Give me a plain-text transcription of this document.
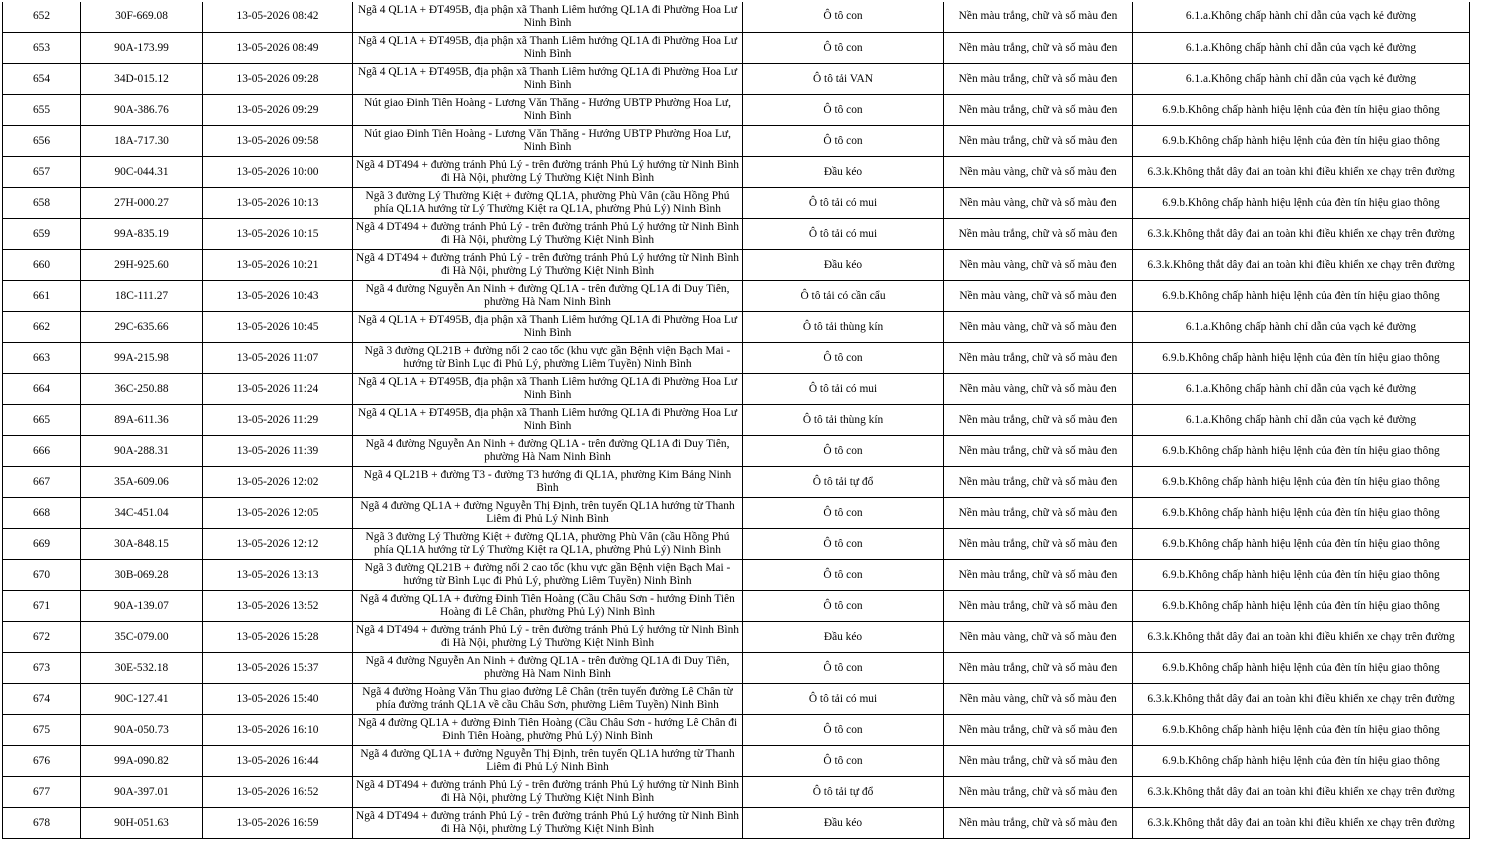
652	30F-669.08	13-05-2026 08:42	Ngã 4 QL1A + ĐT495B, địa phận xã Thanh Liêm hướng QL1A đi Phường Hoa Lư Ninh Bình	Ô tô con	Nền màu trắng, chữ và số màu đen	6.1.a.Không chấp hành chỉ dẫn của vạch kẻ đường
653	90A-173.99	13-05-2026 08:49	Ngã 4 QL1A + ĐT495B, địa phận xã Thanh Liêm hướng QL1A đi Phường Hoa Lư Ninh Bình	Ô tô con	Nền màu trắng, chữ và số màu đen	6.1.a.Không chấp hành chỉ dẫn của vạch kẻ đường
654	34D-015.12	13-05-2026 09:28	Ngã 4 QL1A + ĐT495B, địa phận xã Thanh Liêm hướng QL1A đi Phường Hoa Lư Ninh Bình	Ô tô tải VAN	Nền màu trắng, chữ và số màu đen	6.1.a.Không chấp hành chỉ dẫn của vạch kẻ đường
655	90A-386.76	13-05-2026 09:29	Nút giao Đinh Tiên Hoàng - Lương Văn Thăng - Hướng UBTP Phường Hoa Lư, Ninh Bình	Ô tô con	Nền màu trắng, chữ và số màu đen	6.9.b.Không chấp hành hiệu lệnh của đèn tín hiệu giao thông
656	18A-717.30	13-05-2026 09:58	Nút giao Đinh Tiên Hoàng - Lương Văn Thăng - Hướng UBTP Phường Hoa Lư, Ninh Bình	Ô tô con	Nền màu trắng, chữ và số màu đen	6.9.b.Không chấp hành hiệu lệnh của đèn tín hiệu giao thông
657	90C-044.31	13-05-2026 10:00	Ngã 4 DT494 + đường tránh Phủ Lý - trên đường tránh Phủ Lý hướng từ Ninh Bình đi Hà Nội, phường Lý Thường Kiệt Ninh Bình	Đầu kéo	Nền màu vàng, chữ và số màu đen	6.3.k.Không thắt dây đai an toàn khi điều khiển xe chạy trên đường
658	27H-000.27	13-05-2026 10:13	Ngã 3 đường Lý Thường Kiệt + đường QL1A, phường Phù Vân (cầu Hồng Phú phía QL1A hướng từ Lý Thường Kiệt ra QL1A, phường Phủ Lý) Ninh Bình	Ô tô tải có mui	Nền màu vàng, chữ và số màu đen	6.9.b.Không chấp hành hiệu lệnh của đèn tín hiệu giao thông
659	99A-835.19	13-05-2026 10:15	Ngã 4 DT494 + đường tránh Phủ Lý - trên đường tránh Phủ Lý hướng từ Ninh Bình đi Hà Nội, phường Lý Thường Kiệt Ninh Bình	Ô tô tải có mui	Nền màu trắng, chữ và số màu đen	6.3.k.Không thắt dây đai an toàn khi điều khiển xe chạy trên đường
660	29H-925.60	13-05-2026 10:21	Ngã 4 DT494 + đường tránh Phủ Lý - trên đường tránh Phủ Lý hướng từ Ninh Bình đi Hà Nội, phường Lý Thường Kiệt Ninh Bình	Đầu kéo	Nền màu vàng, chữ và số màu đen	6.3.k.Không thắt dây đai an toàn khi điều khiển xe chạy trên đường
661	18C-111.27	13-05-2026 10:43	Ngã 4 đường Nguyễn An Ninh + đường QL1A - trên đường QL1A đi Duy Tiên, phường Hà Nam Ninh Bình	Ô tô tải có cần cẩu	Nền màu vàng, chữ và số màu đen	6.9.b.Không chấp hành hiệu lệnh của đèn tín hiệu giao thông
662	29C-635.66	13-05-2026 10:45	Ngã 4 QL1A + ĐT495B, địa phận xã Thanh Liêm hướng QL1A đi Phường Hoa Lư Ninh Bình	Ô tô tải thùng kín	Nền màu vàng, chữ và số màu đen	6.1.a.Không chấp hành chỉ dẫn của vạch kẻ đường
663	99A-215.98	13-05-2026 11:07	Ngã 3 đường QL21B + đường nối 2 cao tốc (khu vực gần Bệnh viện Bạch Mai - hướng từ Bình Lục đi Phủ Lý, phường Liêm Tuyền) Ninh Bình	Ô tô con	Nền màu trắng, chữ và số màu đen	6.9.b.Không chấp hành hiệu lệnh của đèn tín hiệu giao thông
664	36C-250.88	13-05-2026 11:24	Ngã 4 QL1A + ĐT495B, địa phận xã Thanh Liêm hướng QL1A đi Phường Hoa Lư Ninh Bình	Ô tô tải có mui	Nền màu vàng, chữ và số màu đen	6.1.a.Không chấp hành chỉ dẫn của vạch kẻ đường
665	89A-611.36	13-05-2026 11:29	Ngã 4 QL1A + ĐT495B, địa phận xã Thanh Liêm hướng QL1A đi Phường Hoa Lư Ninh Bình	Ô tô tải thùng kín	Nền màu trắng, chữ và số màu đen	6.1.a.Không chấp hành chỉ dẫn của vạch kẻ đường
666	90A-288.31	13-05-2026 11:39	Ngã 4 đường Nguyễn An Ninh + đường QL1A - trên đường QL1A đi Duy Tiên, phường Hà Nam Ninh Bình	Ô tô con	Nền màu trắng, chữ và số màu đen	6.9.b.Không chấp hành hiệu lệnh của đèn tín hiệu giao thông
667	35A-609.06	13-05-2026 12:02	Ngã 4 QL21B + đường T3 - đường T3 hướng đi QL1A, phường Kim Bảng Ninh Bình	Ô tô tải tự đổ	Nền màu trắng, chữ và số màu đen	6.9.b.Không chấp hành hiệu lệnh của đèn tín hiệu giao thông
668	34C-451.04	13-05-2026 12:05	Ngã 4 đường QL1A + đường Nguyễn Thị Định, trên tuyến QL1A hướng từ Thanh Liêm đi Phủ Lý Ninh Bình	Ô tô con	Nền màu trắng, chữ và số màu đen	6.9.b.Không chấp hành hiệu lệnh của đèn tín hiệu giao thông
669	30A-848.15	13-05-2026 12:12	Ngã 3 đường Lý Thường Kiệt + đường QL1A, phường Phù Vân (cầu Hồng Phú phía QL1A hướng từ Lý Thường Kiệt ra QL1A, phường Phủ Lý) Ninh Bình	Ô tô con	Nền màu trắng, chữ và số màu đen	6.9.b.Không chấp hành hiệu lệnh của đèn tín hiệu giao thông
670	30B-069.28	13-05-2026 13:13	Ngã 3 đường QL21B + đường nối 2 cao tốc (khu vực gần Bệnh viện Bạch Mai - hướng từ Bình Lục đi Phủ Lý, phường Liêm Tuyền) Ninh Bình	Ô tô con	Nền màu trắng, chữ và số màu đen	6.9.b.Không chấp hành hiệu lệnh của đèn tín hiệu giao thông
671	90A-139.07	13-05-2026 13:52	Ngã 4 đường QL1A + đường Đinh Tiên Hoàng (Cầu Châu Sơn - hướng Đinh Tiên Hoàng đi Lê Chân, phường Phủ Lý) Ninh Bình	Ô tô con	Nền màu trắng, chữ và số màu đen	6.9.b.Không chấp hành hiệu lệnh của đèn tín hiệu giao thông
672	35C-079.00	13-05-2026 15:28	Ngã 4 DT494 + đường tránh Phủ Lý - trên đường tránh Phủ Lý hướng từ Ninh Bình đi Hà Nội, phường Lý Thường Kiệt Ninh Bình	Đầu kéo	Nền màu vàng, chữ và số màu đen	6.3.k.Không thắt dây đai an toàn khi điều khiển xe chạy trên đường
673	30E-532.18	13-05-2026 15:37	Ngã 4 đường Nguyễn An Ninh + đường QL1A - trên đường QL1A đi Duy Tiên, phường Hà Nam Ninh Bình	Ô tô con	Nền màu trắng, chữ và số màu đen	6.9.b.Không chấp hành hiệu lệnh của đèn tín hiệu giao thông
674	90C-127.41	13-05-2026 15:40	Ngã 4 đường Hoàng Văn Thu giao đường Lê Chân (trên tuyến đường Lê Chân từ phía đường tránh QL1A về cầu Châu Sơn, phường Liêm Tuyền) Ninh Bình	Ô tô tải có mui	Nền màu vàng, chữ và số màu đen	6.3.k.Không thắt dây đai an toàn khi điều khiển xe chạy trên đường
675	90A-050.73	13-05-2026 16:10	Ngã 4 đường QL1A + đường Đinh Tiên Hoàng (Cầu Châu Sơn - hướng Lê Chân đi Đinh Tiên Hoàng, phường Phủ Lý) Ninh Bình	Ô tô con	Nền màu trắng, chữ và số màu đen	6.9.b.Không chấp hành hiệu lệnh của đèn tín hiệu giao thông
676	99A-090.82	13-05-2026 16:44	Ngã 4 đường QL1A + đường Nguyễn Thị Định, trên tuyến QL1A hướng từ Thanh Liêm đi Phủ Lý Ninh Bình	Ô tô con	Nền màu trắng, chữ và số màu đen	6.9.b.Không chấp hành hiệu lệnh của đèn tín hiệu giao thông
677	90A-397.01	13-05-2026 16:52	Ngã 4 DT494 + đường tránh Phủ Lý - trên đường tránh Phủ Lý hướng từ Ninh Bình đi Hà Nội, phường Lý Thường Kiệt Ninh Bình	Ô tô tải tự đổ	Nền màu trắng, chữ và số màu đen	6.3.k.Không thắt dây đai an toàn khi điều khiển xe chạy trên đường
678	90H-051.63	13-05-2026 16:59	Ngã 4 DT494 + đường tránh Phủ Lý - trên đường tránh Phủ Lý hướng từ Ninh Bình đi Hà Nội, phường Lý Thường Kiệt Ninh Bình	Đầu kéo	Nền màu trắng, chữ và số màu đen	6.3.k.Không thắt dây đai an toàn khi điều khiển xe chạy trên đường
